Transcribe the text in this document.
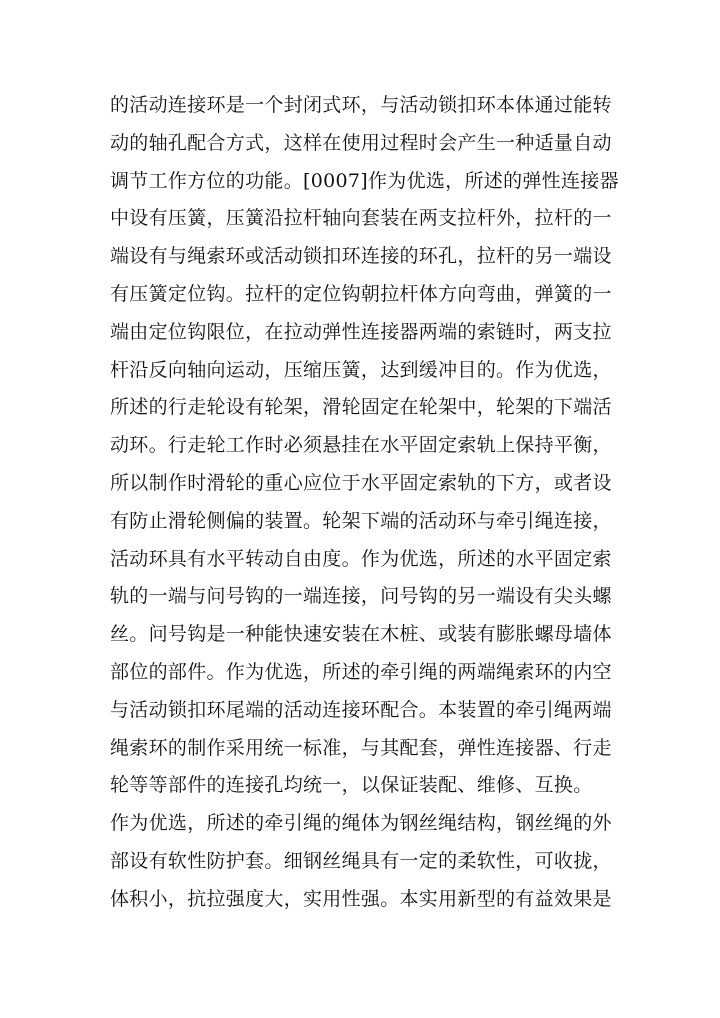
的活动连接环是一个封闭式环，与活动锁扣环本体通过能转
动的轴孔配合方式，这样在使用过程时会产生一种适量自动
调节工作方位的功能。[0007]作为优选，所述的弹性连接器
中设有压簧，压簧沿拉杆轴向套装在两支拉杆外，拉杆的一
端设有与绳索环或活动锁扣环连接的环孔，拉杆的另一端设
有压簧定位钩。拉杆的定位钩朝拉杆体方向弯曲，弹簧的一
端由定位钩限位，在拉动弹性连接器两端的索链时，两支拉
杆沿反向轴向运动，压缩压簧，达到缓冲目的。作为优选，
所述的行走轮设有轮架，滑轮固定在轮架中，轮架的下端活
动环。行走轮工作时必须悬挂在水平固定索轨上保持平衡，
所以制作时滑轮的重心应位于水平固定索轨的下方，或者设
有防止滑轮侧偏的装置。轮架下端的活动环与牵引绳连接，
活动环具有水平转动自由度。作为优选，所述的水平固定索
轨的一端与问号钩的一端连接，问号钩的另一端设有尖头螺
丝。问号钩是一种能快速安装在木桩、或装有膨胀螺母墙体
部位的部件。作为优选，所述的牵引绳的两端绳索环的内空
与活动锁扣环尾端的活动连接环配合。本装置的牵引绳两端
绳索环的制作采用统一标准，与其配套，弹性连接器、行走
轮等等部件的连接孔均统一，以保证装配、维修、互换。
作为优选，所述的牵引绳的绳体为钢丝绳结构，钢丝绳的外
部设有软性防护套。细钢丝绳具有一定的柔软性，可收拢，
体积小，抗拉强度大，实用性强。本实用新型的有益效果是
